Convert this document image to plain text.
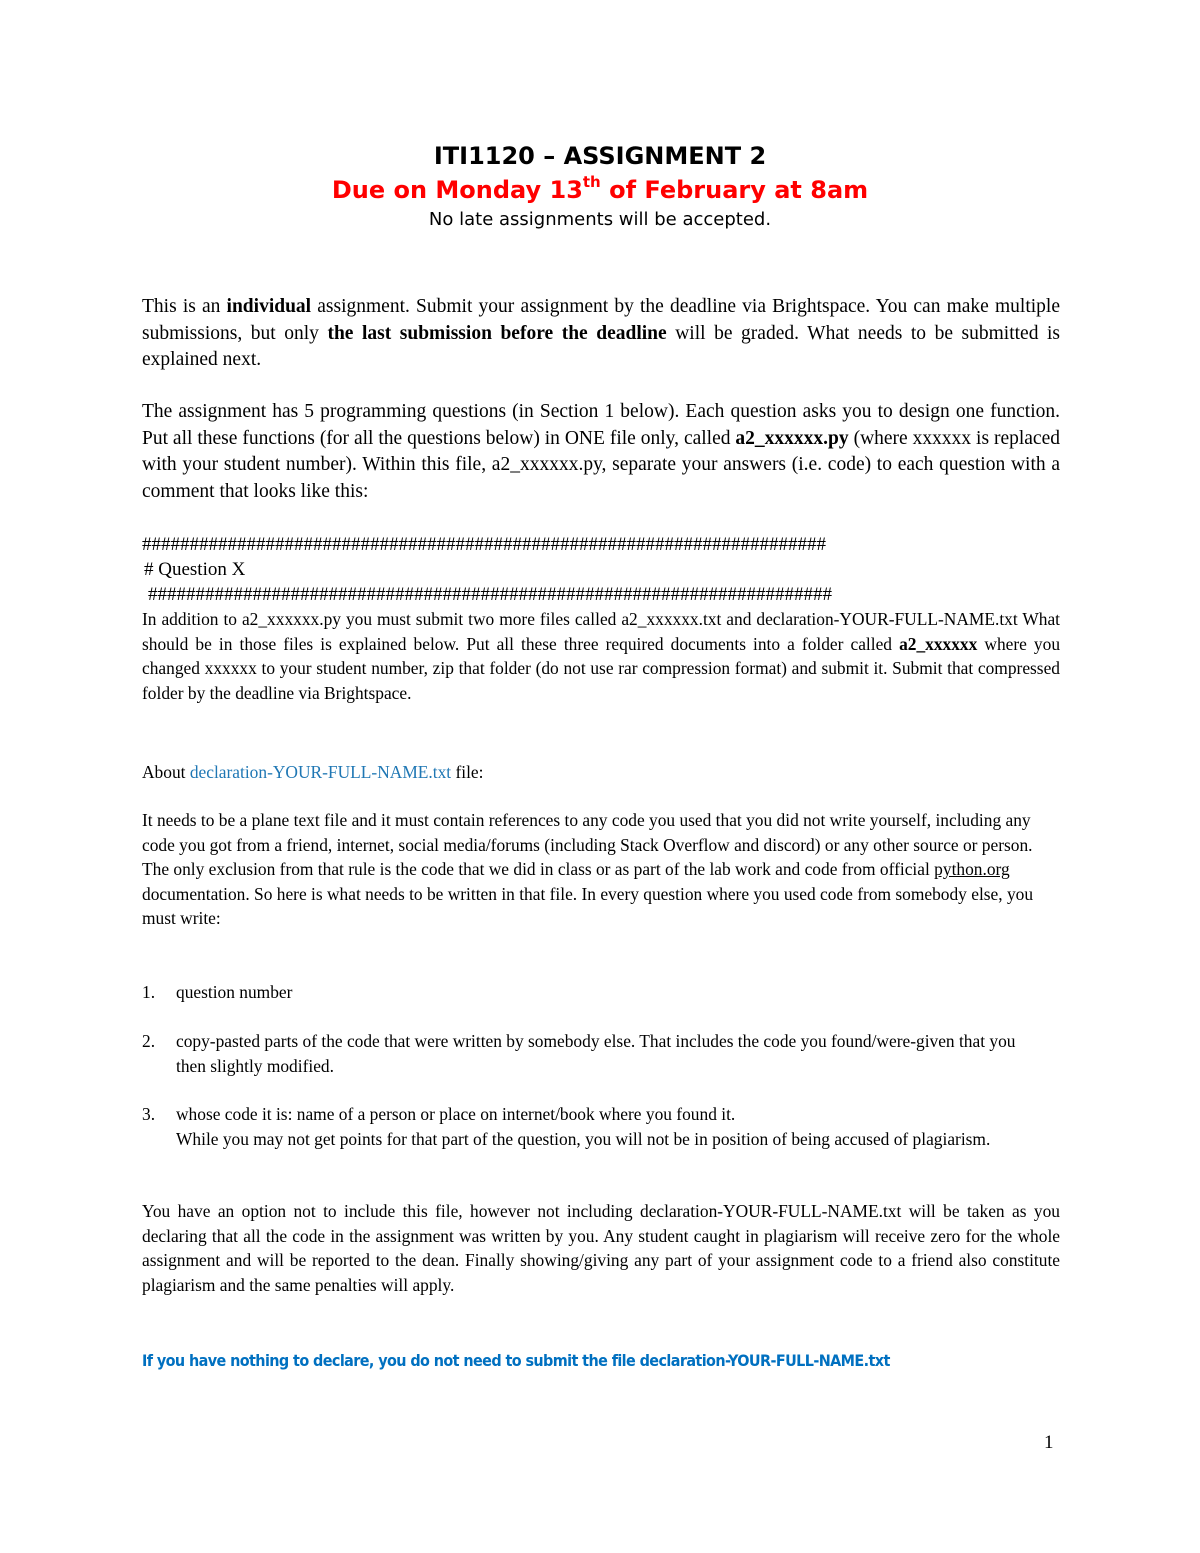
ITI1120 – ASSIGNMENT 2
Due on Monday 13th of February at 8am
No late assignments will be accepted.
This is an individual assignment. Submit your assignment by the deadline via Brightspace. You can make multiple submissions, but only the last submission before the deadline will be graded. What needs to be submitted is explained next.
The assignment has 5 programming questions (in Section 1 below). Each question asks you to design one function. Put all these functions (for all the questions below) in ONE file only, called a2_xxxxxx.py (where xxxxxx is replaced with your student number). Within this file, a2_xxxxxx.py, separate your answers (i.e. code) to each question with a comment that looks like this:
########################################################################
# Question X
########################################################################
In addition to a2_xxxxxx.py you must submit two more files called a2_xxxxxx.txt and declaration-YOUR-FULL-NAME.txt What should be in those files is explained below. Put all these three required documents into a folder called a2_xxxxxx where you changed xxxxxx to your student number, zip that folder (do not use rar compression format) and submit it. Submit that compressed folder by the deadline via Brightspace.
About declaration-YOUR-FULL-NAME.txt file:
It needs to be a plane text file and it must contain references to any code you used that you did not write yourself, including any code you got from a friend, internet, social media/forums (including Stack Overflow and discord) or any other source or person. The only exclusion from that rule is the code that we did in class or as part of the lab work and code from official python.org documentation. So here is what needs to be written in that file. In every question where you used code from somebody else, you must write:
1. question number
2. copy-pasted parts of the code that were written by somebody else. That includes the code you found/were-given that you then slightly modified.
3. whose code it is: name of a person or place on internet/book where you found it.
While you may not get points for that part of the question, you will not be in position of being accused of plagiarism.
You have an option not to include this file, however not including declaration-YOUR-FULL-NAME.txt will be taken as you declaring that all the code in the assignment was written by you. Any student caught in plagiarism will receive zero for the whole assignment and will be reported to the dean. Finally showing/giving any part of your assignment code to a friend also constitute plagiarism and the same penalties will apply.
If you have nothing to declare, you do not need to submit the file declaration-YOUR-FULL-NAME.txt
1
